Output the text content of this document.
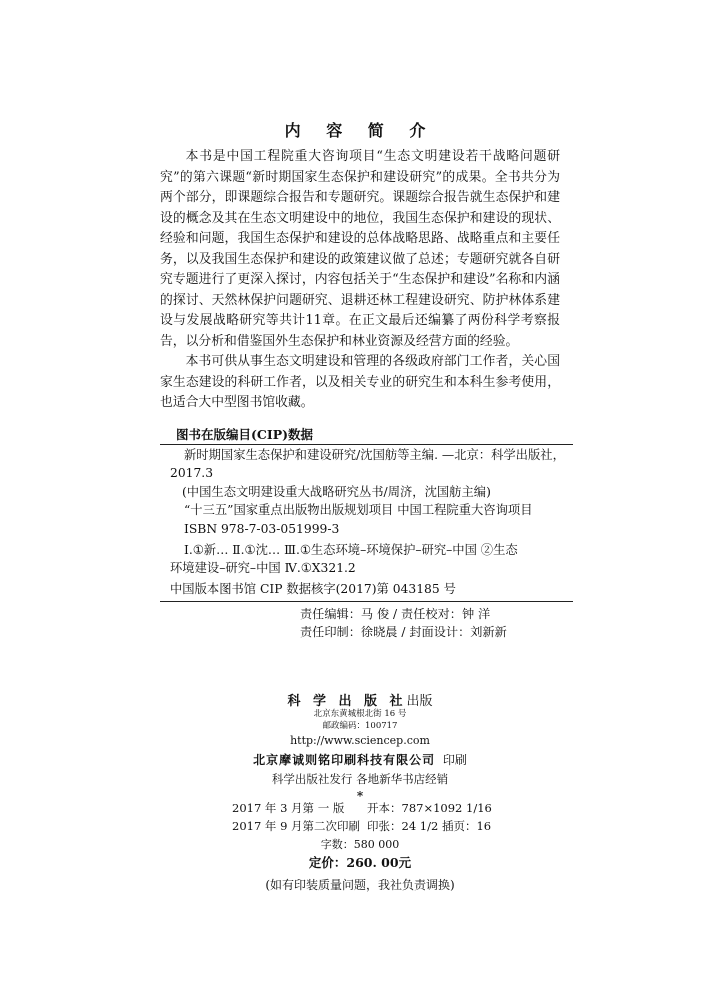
内 容 简 介

本书是中国工程院重大咨询项目“生态文明建设若干战略问题研究”的第六课题“新时期国家生态保护和建设研究”的成果。全书共分为两个部分，即课题综合报告和专题研究。课题综合报告就生态保护和建设的概念及其在生态文明建设中的地位，我国生态保护和建设的现状、经验和问题，我国生态保护和建设的总体战略思路、战略重点和主要任务，以及我国生态保护和建设的政策建议做了总述；专题研究就各自研究专题进行了更深入探讨，内容包括关于“生态保护和建设”名称和内涵的探讨、天然林保护问题研究、退耕还林工程建设研究、防护林体系建设与发展战略研究等共计11章。在正文最后还编纂了两份科学考察报告，以分析和借鉴国外生态保护和林业资源及经营方面的经验。

本书可供从事生态文明建设和管理的各级政府部门工作者，关心国家生态建设的科研工作者，以及相关专业的研究生和本科生参考使用，也适合大中型图书馆收藏。

图书在版编目(CIP)数据
新时期国家生态保护和建设研究/沈国舫等主编. —北京：科学出版社，
2017.3
(中国生态文明建设重大战略研究丛书/周济，沈国舫主编)
“十三五”国家重点出版物出版规划项目 中国工程院重大咨询项目
ISBN 978-7-03-051999-3
Ⅰ.①新… Ⅱ.①沈… Ⅲ.①生态环境–环境保护–研究–中国 ②生态
环境建设–研究–中国 Ⅳ.①X321.2
中国版本图书馆 CIP 数据核字(2017)第 043185 号
责任编辑：马 俊 / 责任校对：钟 洋
责任印制：徐晓晨 / 封面设计：刘新新
科 学 出 版 社出版
北京东黄城根北街 16 号
邮政编码：100717
http://www.sciencep.com
北京摩诚则铭印刷科技有限公司 印刷
科学出版社发行 各地新华书店经销
*
2017 年 3 月第 一 版 开本：787×1092 1/16
2017 年 9 月第二次印刷 印张：24 1/2 插页：16
字数：580 000
定价：260. 00元
(如有印装质量问题，我社负责调换)
